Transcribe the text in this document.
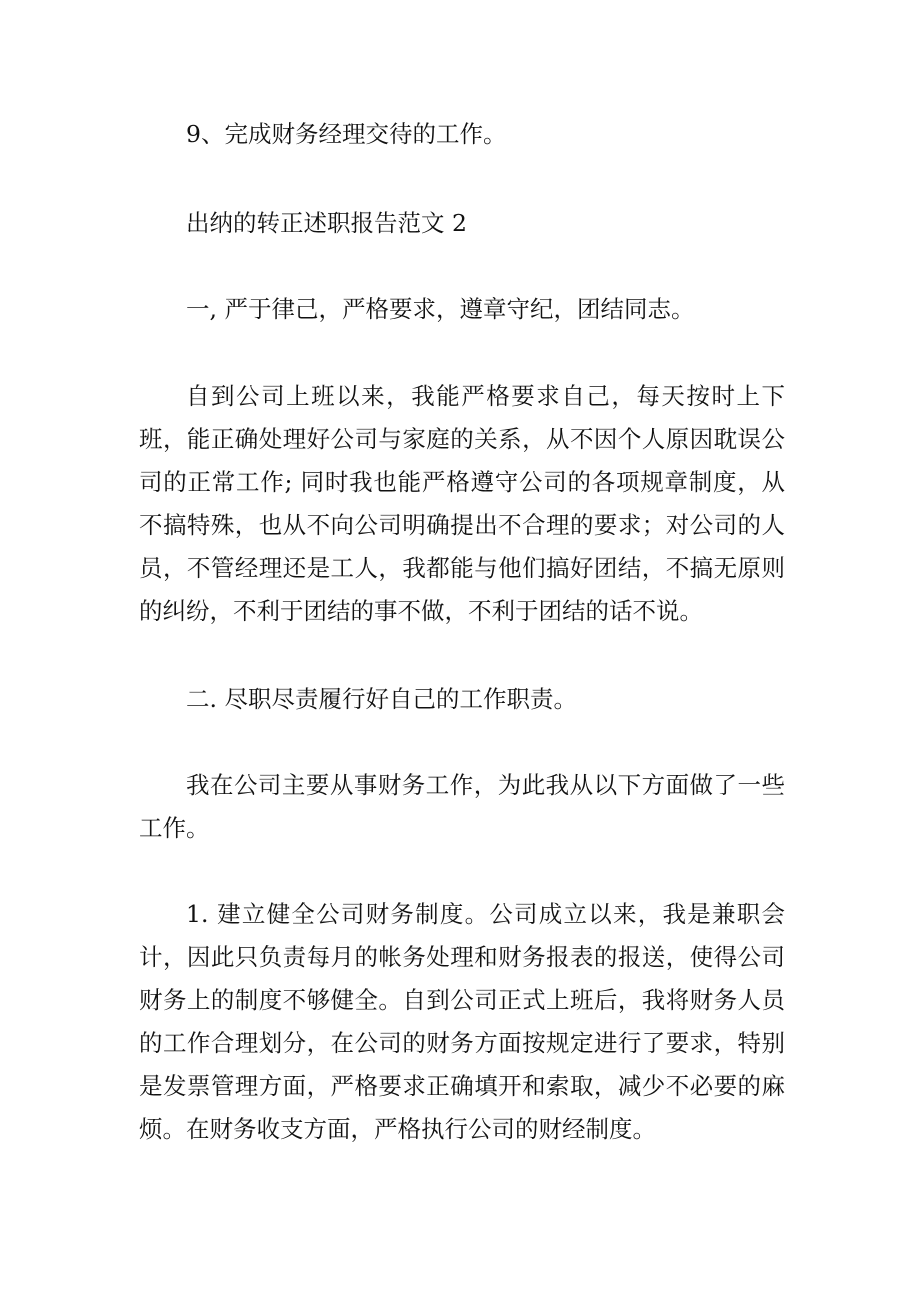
9、完成财务经理交待的工作。

出纳的转正述职报告范文 2

一, 严于律己，严格要求，遵章守纪，团结同志。

自到公司上班以来，我能严格要求自己，每天按时上下班，能正确处理好公司与家庭的关系，从不因个人原因耽误公司的正常工作; 同时我也能严格遵守公司的各项规章制度，从不搞特殊，也从不向公司明确提出不合理的要求；对公司的人员，不管经理还是工人，我都能与他们搞好团结，不搞无原则的纠纷，不利于团结的事不做，不利于团结的话不说。

二. 尽职尽责履行好自己的工作职责。

我在公司主要从事财务工作，为此我从以下方面做了一些工作。

1. 建立健全公司财务制度。公司成立以来，我是兼职会计，因此只负责每月的帐务处理和财务报表的报送，使得公司财务上的制度不够健全。自到公司正式上班后，我将财务人员的工作合理划分，在公司的财务方面按规定进行了要求，特别是发票管理方面，严格要求正确填开和索取，减少不必要的麻烦。在财务收支方面，严格执行公司的财经制度。
